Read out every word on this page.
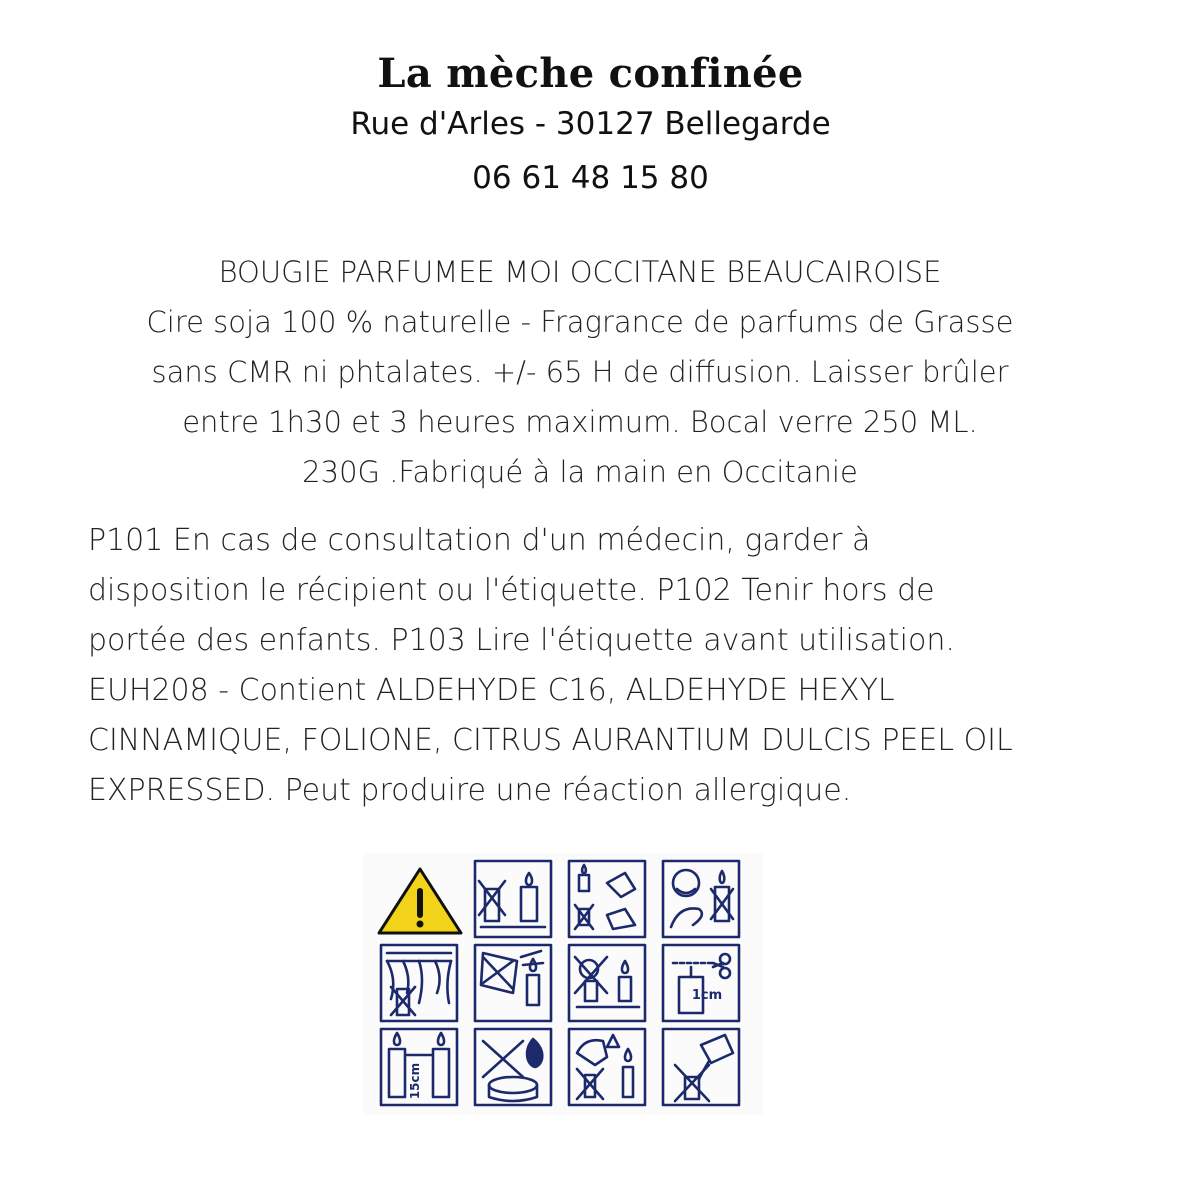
La mèche confinée
Rue d'Arles - 30127 Bellegarde
06 61 48 15 80
BOUGIE PARFUMEE MOI OCCITANE BEAUCAIROISE
Cire soja 100 % naturelle - Fragrance de parfums de Grasse
sans CMR ni phtalates. +/- 65 H de diffusion. Laisser brûler
entre 1h30 et 3 heures maximum. Bocal verre 250 ML.
230G .Fabriqué à la main en Occitanie
P101 En cas de consultation d'un médecin, garder à
disposition le récipient ou l'étiquette. P102 Tenir hors de
portée des enfants. P103 Lire l'étiquette avant utilisation.
EUH208 - Contient ALDEHYDE C16, ALDEHYDE HEXYL
CINNAMIQUE, FOLIONE, CITRUS AURANTIUM DULCIS PEEL OIL
EXPRESSED. Peut produire une réaction allergique.
1cm
15cm
